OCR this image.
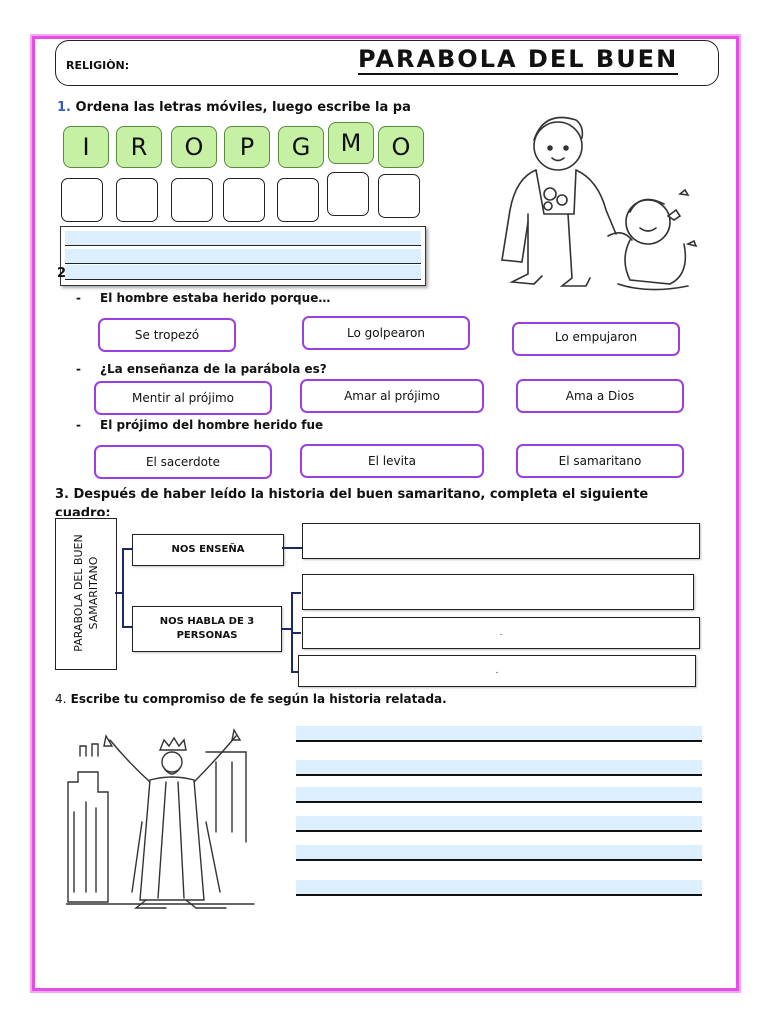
RELIGIÒN:	PARABOLA DEL BUEN
1. Ordena las letras móviles, luego escribe la pa
I	R	O	P	G	M	O
2
- El hombre estaba herido porque…
Se tropezó	Lo golpearon	Lo empujaron
- ¿La enseñanza de la parábola es?
Mentir al prójimo	Amar al prójimo	Ama a Dios
- El prójimo del hombre herido fue
El sacerdote	El levita	El samaritano
3. Después de haber leído la historia del buen samaritano, completa el siguiente
cuadro:
PARABOLA DEL BUEN SAMARITANO
NOS ENSEÑA
NOS HABLA DE 3 PERSONAS	.
.
4. Escribe tu compromiso de fe según la historia relatada.
